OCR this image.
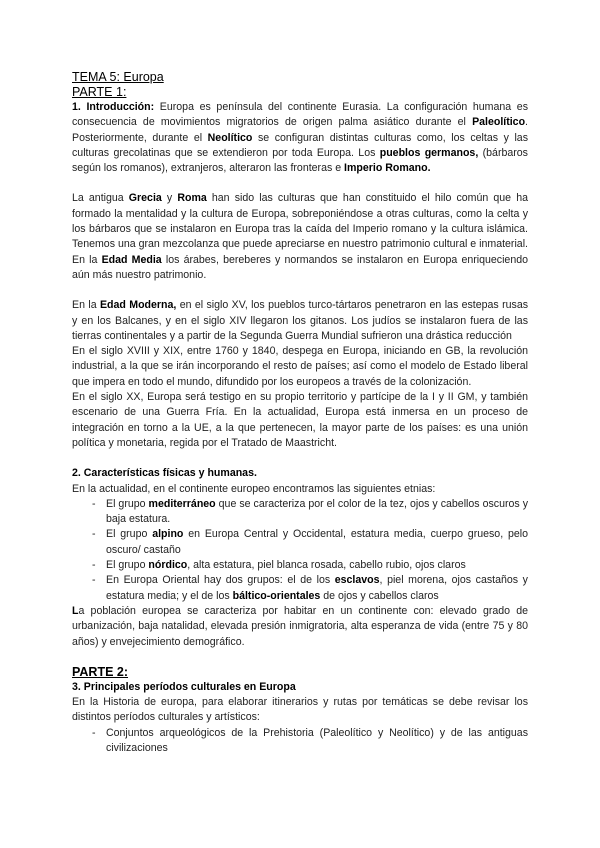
TEMA 5: Europa
PARTE 1:

1. Introducción: Europa es península del continente Eurasia. La configuración humana es consecuencia de movimientos migratorios de origen palma asiático durante el Paleolítico. Posteriormente, durante el Neolítico se configuran distintas culturas como, los celtas y las culturas grecolatinas que se extendieron por toda Europa. Los pueblos germanos, (bárbaros según los romanos), extranjeros, alteraron las fronteras e Imperio Romano.

La antigua Grecia y Roma han sido las culturas que han constituido el hilo común que ha formado la mentalidad y la cultura de Europa, sobreponiéndose a otras culturas, como la celta y los bárbaros que se instalaron en Europa tras la caída del Imperio romano y la cultura islámica. Tenemos una gran mezcolanza que puede apreciarse en nuestro patrimonio cultural e inmaterial. En la Edad Media los árabes, bereberes y normandos se instalaron en Europa enriqueciendo aún más nuestro patrimonio.

En la Edad Moderna, en el siglo XV, los pueblos turco-tártaros penetraron en las estepas rusas y en los Balcanes, y en el siglo XIV llegaron los gitanos. Los judíos se instalaron fuera de las tierras continentales y a partir de la Segunda Guerra Mundial sufrieron una drástica reducción

En el siglo XVIII y XIX, entre 1760 y 1840, despega en Europa, iniciando en GB, la revolución industrial, a la que se irán incorporando el resto de países; así como el modelo de Estado liberal que impera en todo el mundo, difundido por los europeos a través de la colonización.

En el siglo XX, Europa será testigo en su propio territorio y partícipe de la I y II GM, y también escenario de una Guerra Fría. En la actualidad, Europa está inmersa en un proceso de integración en torno a la UE, a la que pertenecen, la mayor parte de los países: es una unión política y monetaria, regida por el Tratado de Maastricht.

2. Características físicas y humanas.

En la actualidad, en el continente europeo encontramos las siguientes etnias:

- El grupo mediterráneo que se caracteriza por el color de la tez, ojos y cabellos oscuros y baja estatura.
- El grupo alpino en Europa Central y Occidental, estatura media, cuerpo grueso, pelo oscuro/ castaño
- El grupo nórdico, alta estatura, piel blanca rosada, cabello rubio, ojos claros
- En Europa Oriental hay dos grupos: el de los esclavos, piel morena, ojos castaños y estatura media; y el de los báltico-orientales de ojos y cabellos claros

La población europea se caracteriza por habitar en un continente con: elevado grado de urbanización, baja natalidad, elevada presión inmigratoria, alta esperanza de vida (entre 75 y 80 años) y envejecimiento demográfico.

PARTE 2:

3. Principales períodos culturales en Europa

En la Historia de europa, para elaborar itinerarios y rutas por temáticas se debe revisar los distintos períodos culturales y artísticos:

- Conjuntos arqueológicos de la Prehistoria (Paleolítico y Neolítico) y de las antiguas civilizaciones
